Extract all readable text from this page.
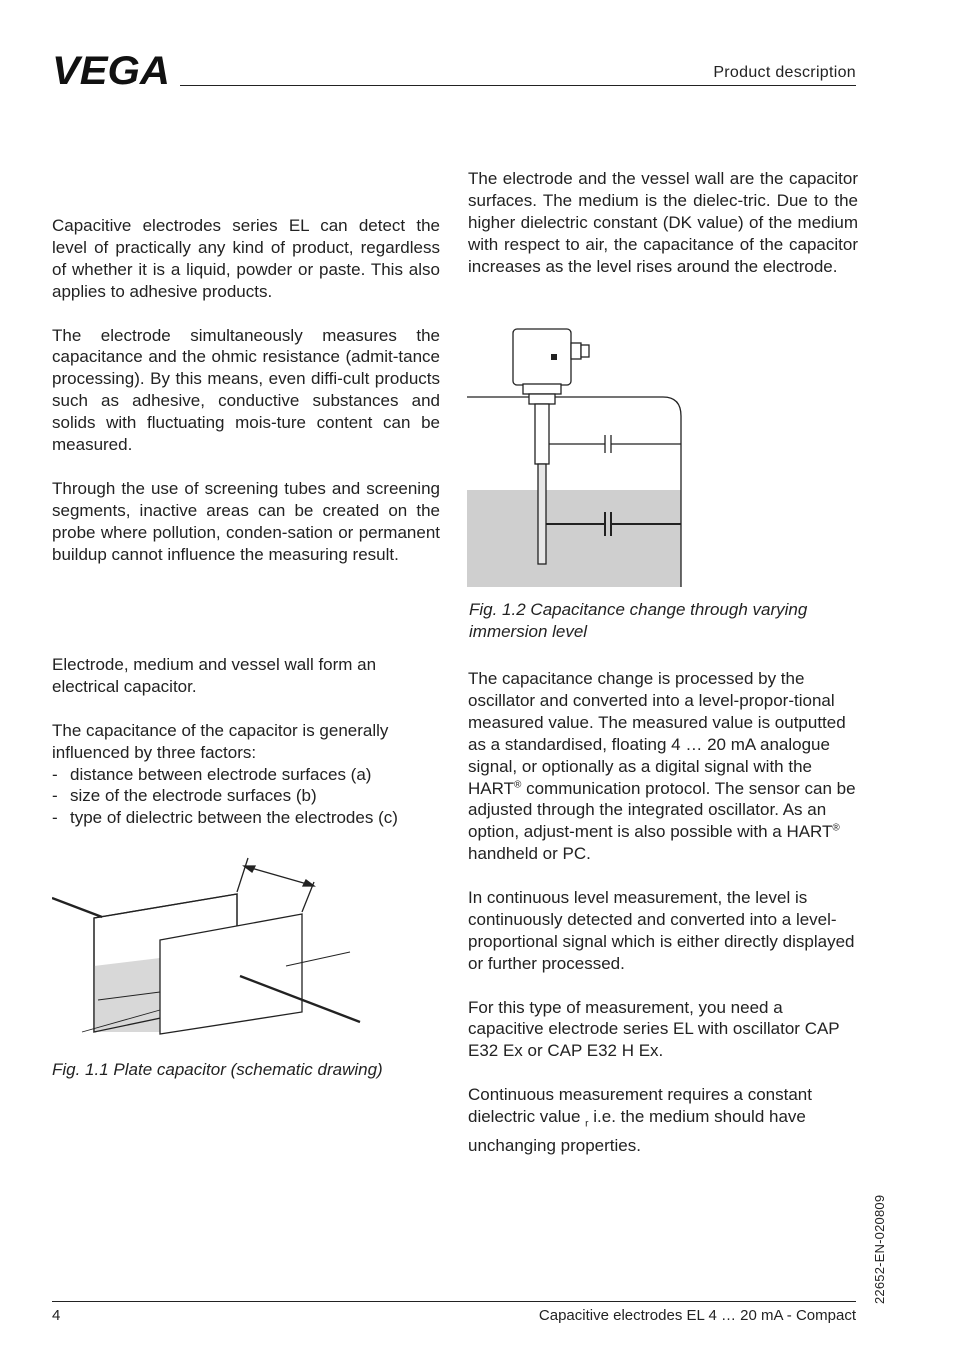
VEGA	Product description

Capacitive electrodes series EL can detect the level of practically any kind of product, regardless of whether it is a liquid, powder or paste. This also applies to adhesive products.

The electrode simultaneously measures the capacitance and the ohmic resistance (admit-tance processing). By this means, even diffi-cult products such as adhesive, conductive substances and solids with fluctuating mois-ture content can be measured.

Through the use of screening tubes and screening segments, inactive areas can be created on the probe where pollution, conden-sation or permanent buildup cannot influence the measuring result.

Electrode, medium and vessel wall form an electrical capacitor.

The capacitance of the capacitor is generally influenced by three factors:

- distance between electrode surfaces (a)
- size of the electrode surfaces (b)
- type of dielectric between the electrodes (c)
Fig. 1.1 Plate capacitor (schematic drawing)

The electrode and the vessel wall are the capacitor surfaces. The medium is the dielec-tric. Due to the higher dielectric constant (DK value) of the medium with respect to air, the capacitance of the capacitor increases as the level rises around the electrode.

Fig. 1.2 Capacitance change through varying immersion level

The capacitance change is processed by the oscillator and converted into a level-propor-tional measured value. The measured value is outputted as a standardised, floating 4 … 20 mA analogue signal, or optionally as a digital signal with the HART® communication protocol. The sensor can be adjusted through the integrated oscillator. As an option, adjust-ment is also possible with a HART® handheld or PC.

In continuous level measurement, the level is continuously detected and converted into a level-proportional signal which is either directly displayed or further processed.

For this type of measurement, you need a capacitive electrode series EL with oscillator CAP E32 Ex or CAP E32 H Ex.

Continuous measurement requires a constant dielectric value $_r$ i.e. the medium should have unchanging properties.

22652-EN-020809
4	Capacitive electrodes EL 4 … 20 mA - Compact
